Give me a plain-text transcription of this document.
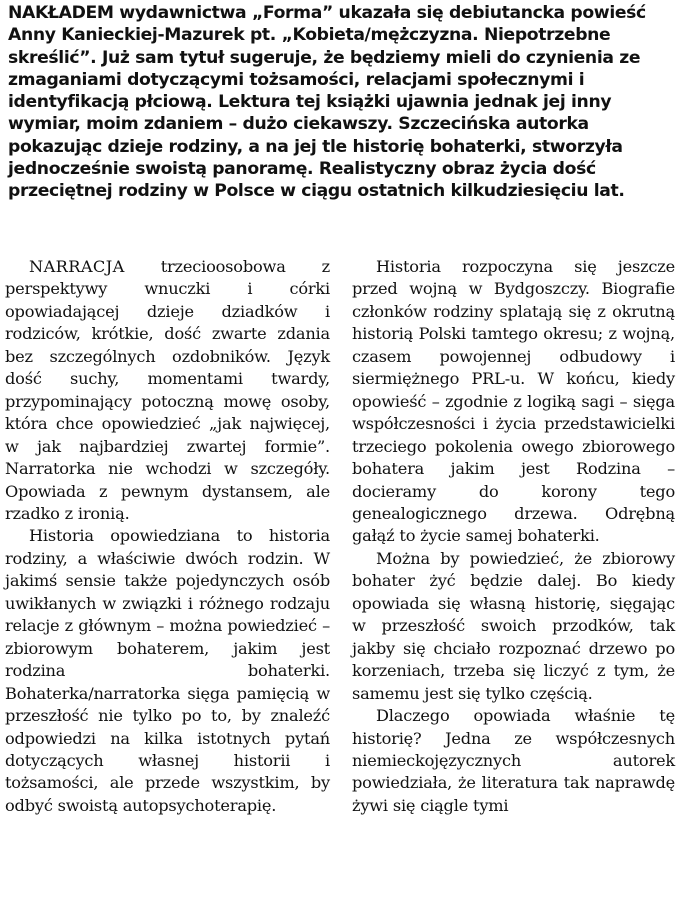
NAKŁADEM wydawnictwa „Forma” ukazała się debiutancka powieść Anny Kanieckiej-Mazurek pt. „Kobieta/mężczyzna. Niepotrzebne skreślić”. Już sam tytuł sugeruje, że będziemy mieli do czynienia ze zmaganiami dotyczącymi tożsamości, relacjami społecznymi i identyfikacją płciową. Lektura tej książki ujawnia jednak jej inny wymiar, moim zdaniem – dużo ciekawszy. Szczecińska autorka pokazując dzieje rodziny, a na jej tle historię bohaterki, stworzyła jednocześnie swoistą panoramę. Realistyczny obraz życia dość przeciętnej rodziny w Polsce w ciągu ostatnich kilkudziesięciu lat.

NARRACJA trzecioosobowa z perspektywy wnuczki i córki opowiadającej dzieje dziadków i rodziców, krótkie, dość zwarte zdania bez szczególnych ozdobników. Język dość suchy, momentami twardy, przypominający potoczną mowę osoby, która chce opowiedzieć „jak najwięcej, w jak najbardziej zwartej formie”. Narratorka nie wchodzi w szczegóły. Opowiada z pewnym dystansem, ale rzadko z ironią.

Historia opowiedziana to historia rodziny, a właściwie dwóch rodzin. W jakimś sensie także pojedynczych osób uwikłanych w związki i różnego rodzaju relacje z głównym – można powiedzieć – zbiorowym bohaterem, jakim jest rodzina bohaterki. Bohaterka/narratorka sięga pamięcią w przeszłość nie tylko po to, by znaleźć odpowiedzi na kilka istotnych pytań dotyczących własnej historii i tożsamości, ale przede wszystkim, by odbyć swoistą autopsychoterapię.

Historia rozpoczyna się jeszcze przed wojną w Bydgoszczy. Biografie członków rodziny splatają się z okrutną historią Polski tamtego okresu; z wojną, czasem powojennej odbudowy i siermiężnego PRL-u. W końcu, kiedy opowieść – zgodnie z logiką sagi – sięga współczesności i życia przedstawicielki trzeciego pokolenia owego zbiorowego bohatera jakim jest Rodzina – docieramy do korony tego genealogicznego drzewa. Odrębną gałąź to życie samej bohaterki.

Można by powiedzieć, że zbiorowy bohater żyć będzie dalej. Bo kiedy opowiada się własną historię, sięgając w przeszłość swoich przodków, tak jakby się chciało rozpoznać drzewo po korzeniach, trzeba się liczyć z tym, że samemu jest się tylko częścią.

Dlaczego opowiada właśnie tę historię? Jedna ze współczesnych niemieckojęzycznych autorek powiedziała, że literatura tak naprawdę żywi się ciągle tymi
